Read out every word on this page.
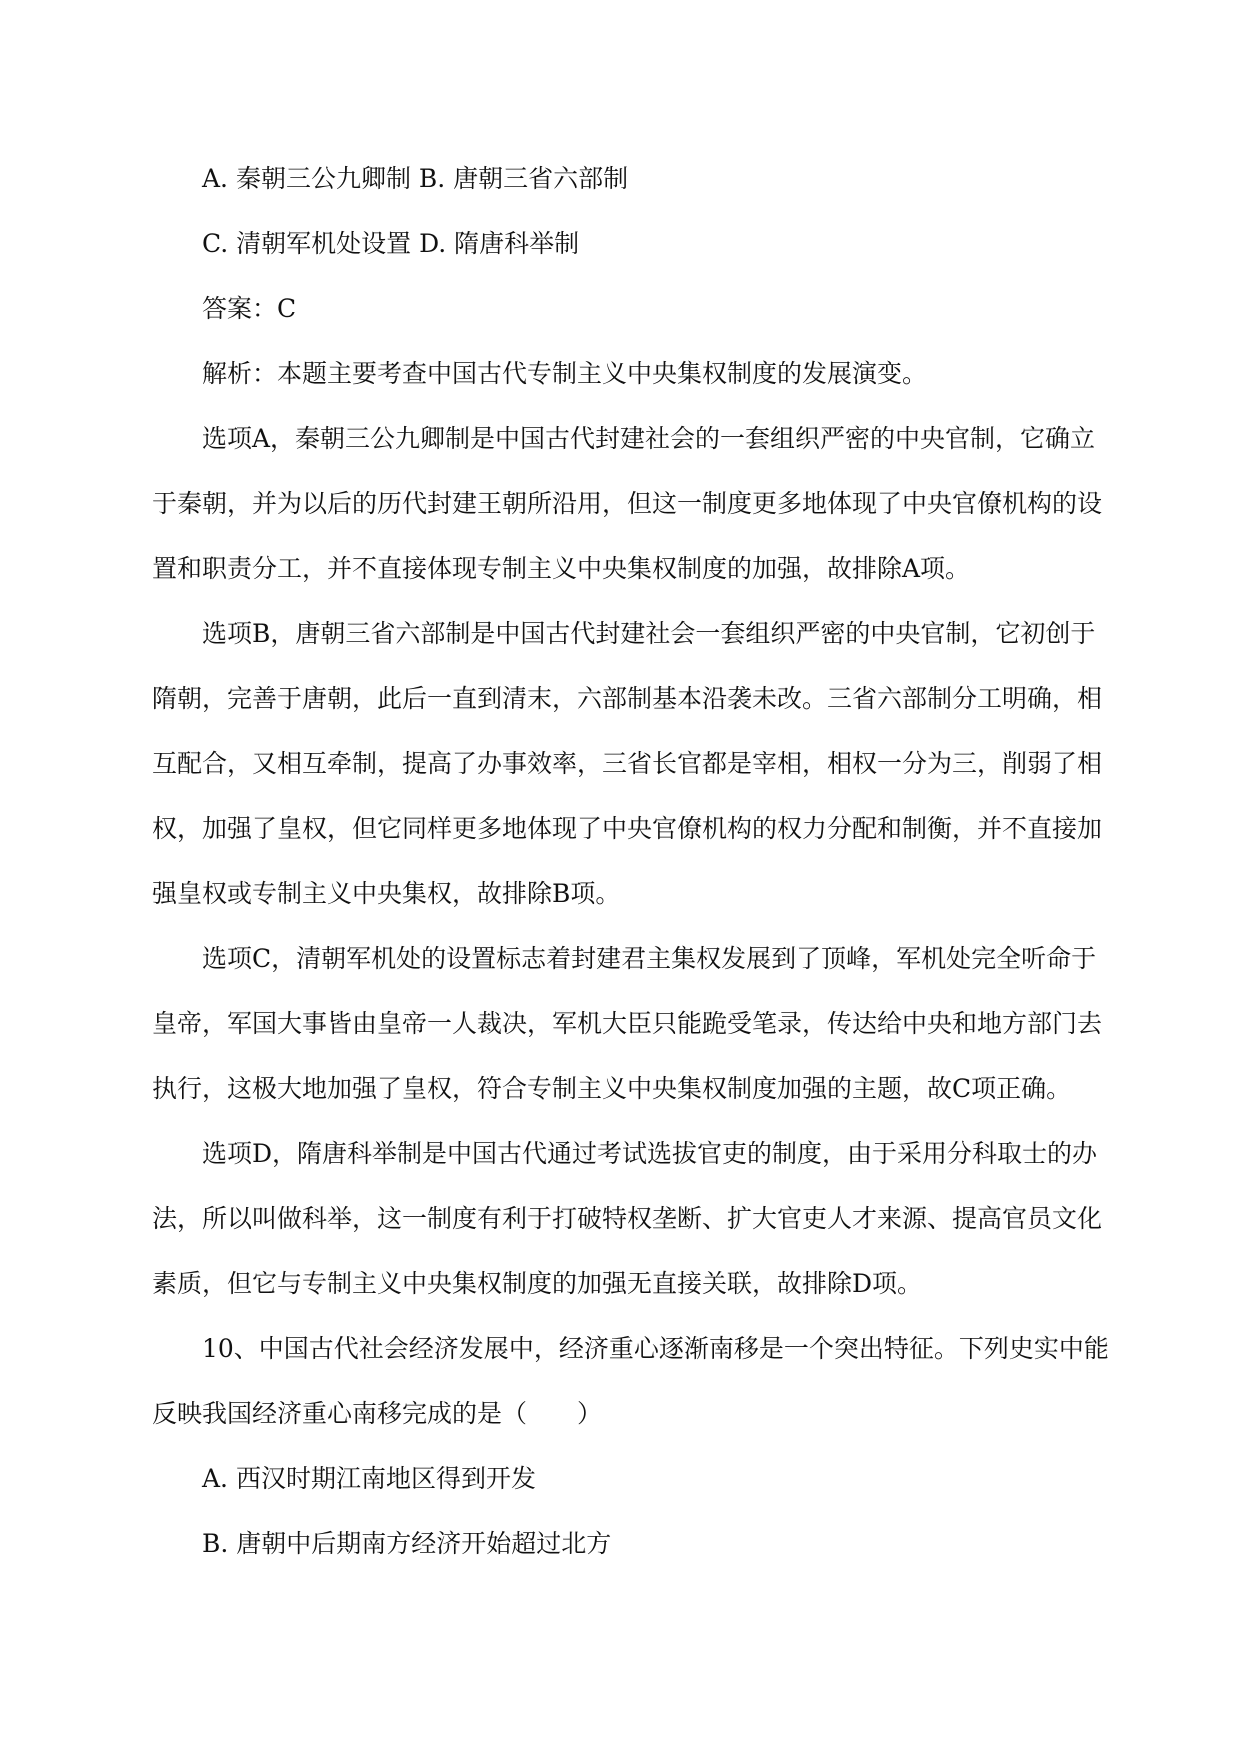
A. 秦朝三公九卿制 B. 唐朝三省六部制
C. 清朝军机处设置 D. 隋唐科举制
答案：C
解析：本题主要考查中国古代专制主义中央集权制度的发展演变。
选项A，秦朝三公九卿制是中国古代封建社会的一套组织严密的中央官制，它确立
于秦朝，并为以后的历代封建王朝所沿用，但这一制度更多地体现了中央官僚机构的设
置和职责分工，并不直接体现专制主义中央集权制度的加强，故排除A项。
选项B，唐朝三省六部制是中国古代封建社会一套组织严密的中央官制，它初创于
隋朝，完善于唐朝，此后一直到清末，六部制基本沿袭未改。三省六部制分工明确，相
互配合，又相互牵制，提高了办事效率，三省长官都是宰相，相权一分为三，削弱了相
权，加强了皇权，但它同样更多地体现了中央官僚机构的权力分配和制衡，并不直接加
强皇权或专制主义中央集权，故排除B项。
选项C，清朝军机处的设置标志着封建君主集权发展到了顶峰，军机处完全听命于
皇帝，军国大事皆由皇帝一人裁决，军机大臣只能跪受笔录，传达给中央和地方部门去
执行，这极大地加强了皇权，符合专制主义中央集权制度加强的主题，故C项正确。
选项D，隋唐科举制是中国古代通过考试选拔官吏的制度，由于采用分科取士的办
法，所以叫做科举，这一制度有利于打破特权垄断、扩大官吏人才来源、提高官员文化
素质，但它与专制主义中央集权制度的加强无直接关联，故排除D项。
10、中国古代社会经济发展中，经济重心逐渐南移是一个突出特征。下列史实中能
反映我国经济重心南移完成的是（　　）
A. 西汉时期江南地区得到开发
B. 唐朝中后期南方经济开始超过北方
